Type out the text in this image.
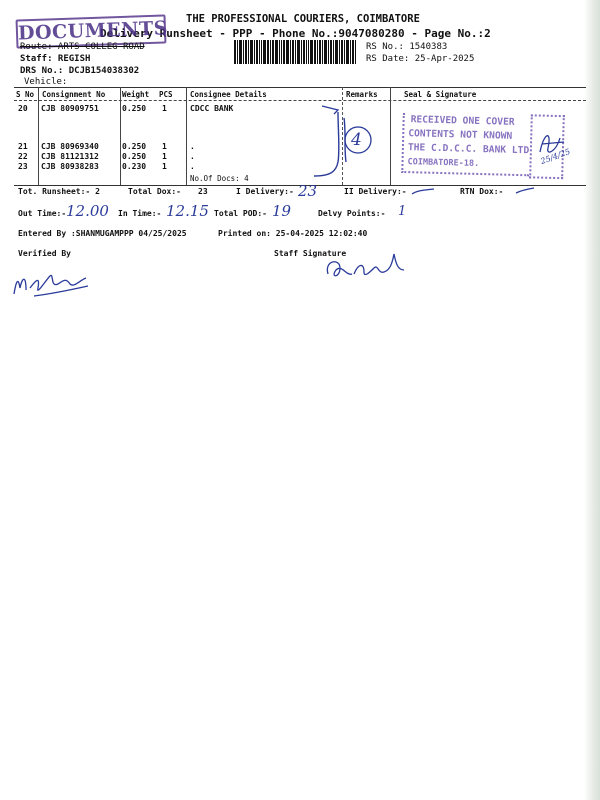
THE PROFESSIONAL COURIERS, COIMBATORE
Delivery Runsheet - PPP - Phone No.:9047080280 - Page No.:2
DOCUMENTS
Route: ARTS COLLEG ROAD
Staff: REGISH
DRS No.: DCJB154038302
Vehicle:
RS No.: 1540383
RS Date: 25-Apr-2025
S No Consignment No Weight PCS Consignee Details	Remarks	Seal & Signature
20 CJB 80909751	0.250 1	CDCC BANK
21 CJB 80969340	0.250 1	.
22 CJB 81121312	0.250 1	.
23 CJB 80938283	0.230 1	.
No.Of Docs: 4
4
RECEIVED ONE COVER
CONTENTS NOT KNOWN
THE C.D.C.C. BANK LTD
COIMBATORE-18.	25/4/25
Tot. Runsheet:- 2	Total Dox:- 23	I Delivery:- 23	II Delivery:-	RTN Dox:-
Out Time:- 12.00 In Time:- 12.15 Total POD:- 19	Delvy Points:- 1
Entered By :SHANMUGAMPPP 04/25/2025	Printed on: 25-04-2025 12:02:40
Verified By	Staff Signature
